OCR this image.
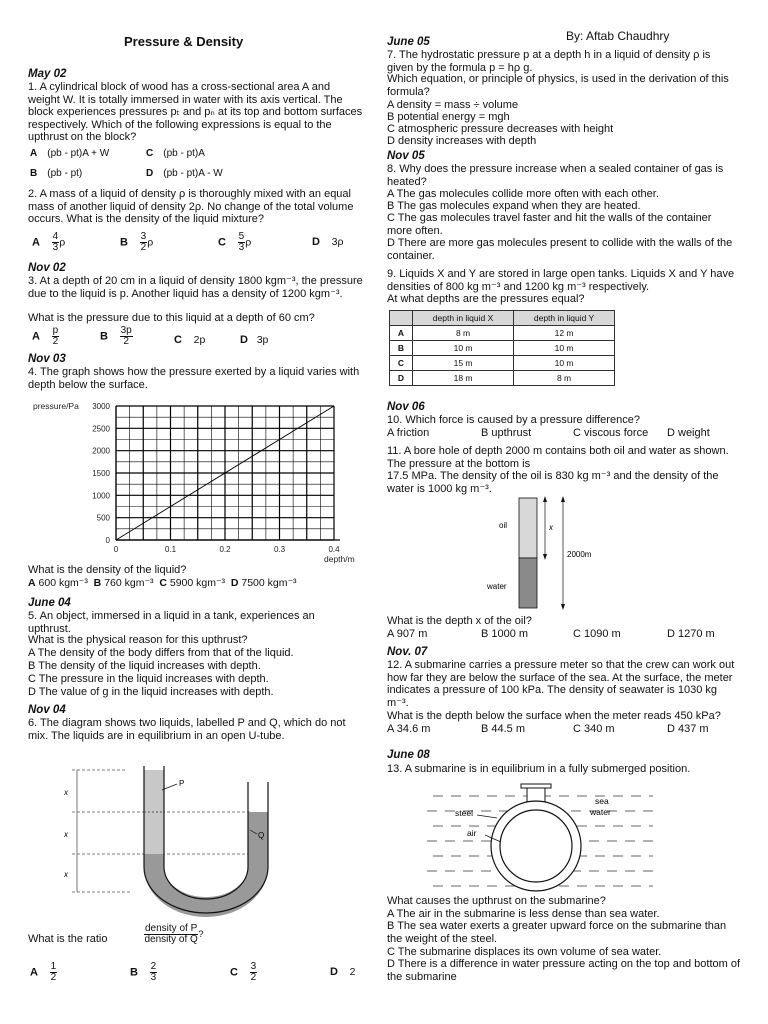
Pressure & Density	By: Aftab Chaudhry
May 02
1. A cylindrical block of wood has a cross-sectional area A and weight W. It is totally immersed in water with its axis vertical. The block experiences pressures pₜ and pₙ at its top and bottom surfaces respectively. Which of the following expressions is equal to the upthrust on the block?
A (pb - pt)A + W	C (pb - pt)A
B (pb - pt)	D (pb - pt)A - W
2. A mass of a liquid of density ρ is thoroughly mixed with an equal mass of another liquid of density 2ρ. No change of the total volume occurs. What is the density of the liquid mixture?
A $\frac{4}{3}$ ρ	B $\frac{3}{2}$ ρ	C $\frac{5}{3}$ ρ	D 3ρ
Nov 02
3. At a depth of 20 cm in a liquid of density 1800 kgm⁻³, the pressure due to the liquid is p. Another liquid has a density of 1200 kgm⁻³.
What is the pressure due to this liquid at a depth of 60 cm?
A $\frac{p}{2}$	B $\frac{3p}{2}$	C 2p	D 3p
Nov 03
4. The graph shows how the pressure exerted by a liquid varies with depth below the surface.
0
500
1000
1500
2000
2500
3000
0	0.1	0.2	0.3	0.4
pressure/Pa
depth/m
What is the density of the liquid?
A 600 kgm⁻³ B 760 kgm⁻³ C 5900 kgm⁻³ D 7500 kgm⁻³
June 04
5. An object, immersed in a liquid in a tank, experiences an upthrust.
What is the physical reason for this upthrust?
A The density of the body differs from that of the liquid.
B The density of the liquid increases with depth.
C The pressure in the liquid increases with depth.
D The value of g in the liquid increases with depth.
Nov 04
6. The diagram shows two liquids, labelled P and Q, which do not mix. The liquids are in equilibrium in an open U-tube.
x
x
x
P
Q
What is the ratio	$\frac{\text{density of P}}{\text{density of Q}}$ ?
A $\frac{1}{2}$	B $\frac{2}{3}$	C $\frac{3}{2}$	D 2
June 05
7. The hydrostatic pressure p at a depth h in a liquid of density ρ is given by the formula p = hρ g.
Which equation, or principle of physics, is used in the derivation of this formula?
A density = mass ÷ volume
B potential energy = mgh
C atmospheric pressure decreases with height
D density increases with depth
Nov 05
8. Why does the pressure increase when a sealed container of gas is heated?
A The gas molecules collide more often with each other.
B The gas molecules expand when they are heated.
C The gas molecules travel faster and hit the walls of the container more often.
D There are more gas molecules present to collide with the walls of the container.
9. Liquids X and Y are stored in large open tanks. Liquids X and Y have densities of 800 kg m⁻³ and 1200 kg m⁻³ respectively.
At what depths are the pressures equal?
	depth in liquid X	depth in liquid Y
A	8 m	12 m
B	10 m	10 m
C	15 m	10 m
D	18 m	8 m
Nov 06
10. Which force is caused by a pressure difference?
A friction	B upthrust	C viscous force D weight
11. A bore hole of depth 2000 m contains both oil and water as shown. The pressure at the bottom is
17.5 MPa. The density of the oil is 830 kg m⁻³ and the density of the water is 1000 kg m⁻³.
oil
water
x
2000m
What is the depth x of the oil?
A 907 m	B 1000 m	C 1090 m	D 1270 m
Nov. 07
12. A submarine carries a pressure meter so that the crew can work out how far they are below the surface of the sea. At the surface, the meter indicates a pressure of 100 kPa. The density of seawater is 1030 kg m⁻³.
What is the depth below the surface when the meter reads 450 kPa?
A 34.6 m	B 44.5 m	C 340 m	D 437 m
June 08
13. A submarine is in equilibrium in a fully submerged position.
steel
air
sea
water
What causes the upthrust on the submarine?
A The air in the submarine is less dense than sea water.
B The sea water exerts a greater upward force on the submarine than the weight of the steel.
C The submarine displaces its own volume of sea water.
D There is a difference in water pressure acting on the top and bottom of the submarine
